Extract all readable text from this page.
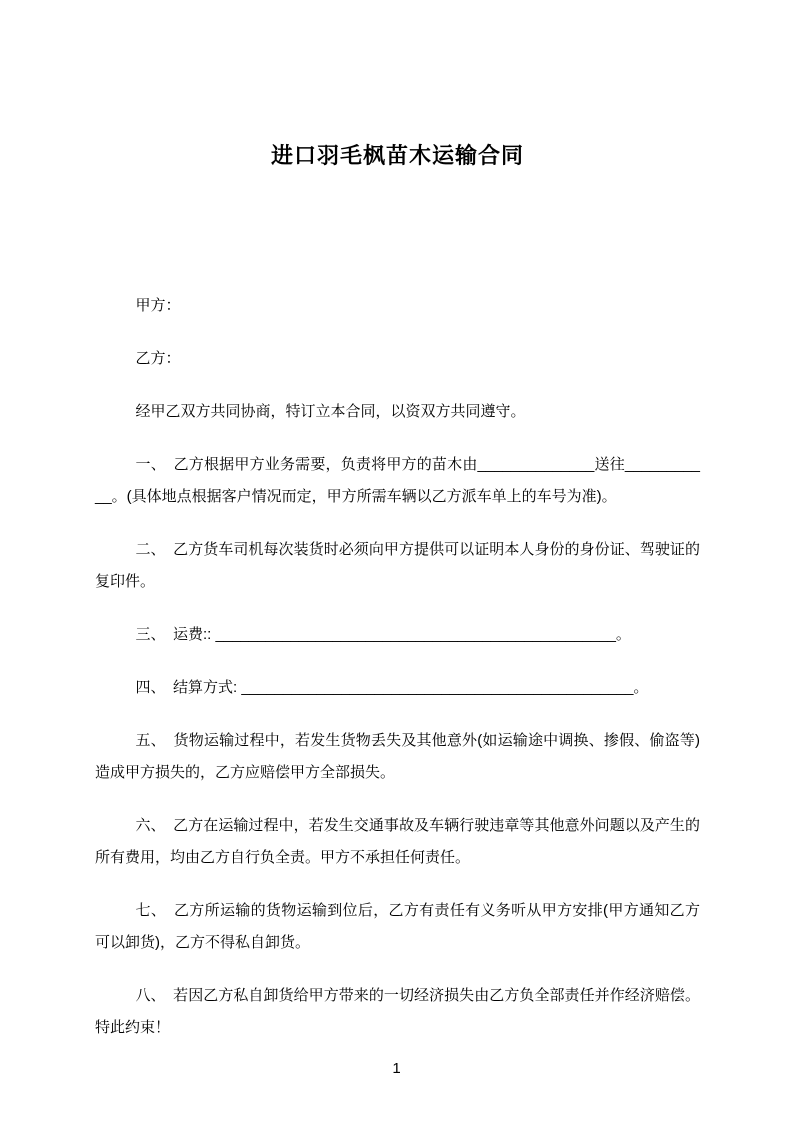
进口羽毛枫苗木运输合同

甲方：

乙方：

经甲乙双方共同协商，特订立本合同，以资双方共同遵守。

一、　乙方根据甲方业务需要，负责将甲方的苗木由______________送往___________。(具体地点根据客户情况而定，甲方所需车辆以乙方派车单上的车号为准)。

二、　乙方货车司机每次装货时必须向甲方提供可以证明本人身份的身份证、驾驶证的复印件。

三、　运费:: ________________________________________________。

四、　结算方式: _______________________________________________。

五、　货物运输过程中，若发生货物丢失及其他意外(如运输途中调换、掺假、偷盗等)造成甲方损失的，乙方应赔偿甲方全部损失。

六、　乙方在运输过程中，若发生交通事故及车辆行驶违章等其他意外问题以及产生的所有费用，均由乙方自行负全责。甲方不承担任何责任。

七、　乙方所运输的货物运输到位后，乙方有责任有义务听从甲方安排(甲方通知乙方可以卸货)，乙方不得私自卸货。

八、　若因乙方私自卸货给甲方带来的一切经济损失由乙方负全部责任并作经济赔偿。特此约束！

1
